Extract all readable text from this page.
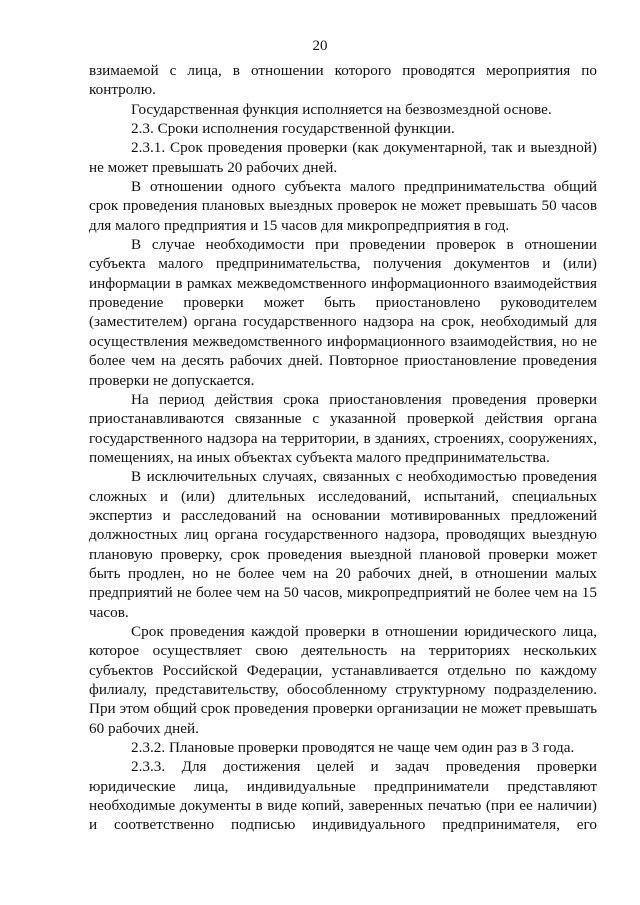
20

взимаемой с лица, в отношении которого проводятся мероприятия по контролю.

Государственная функция исполняется на безвозмездной основе.

2.3. Сроки исполнения государственной функции.

2.3.1. Срок проведения проверки (как документарной, так и выездной) не может превышать 20 рабочих дней.

В отношении одного субъекта малого предпринимательства общий срок проведения плановых выездных проверок не может превышать 50 часов для малого предприятия и 15 часов для микропредприятия в год.

В случае необходимости при проведении проверок в отношении субъекта малого предпринимательства, получения документов и (или) информации в рамках межведомственного информационного взаимодействия проведение проверки может быть приостановлено руководителем (заместителем) органа государственного надзора на срок, необходимый для осуществления межведомственного информационного взаимодействия, но не более чем на десять рабочих дней. Повторное приостановление проведения проверки не допускается.

На период действия срока приостановления проведения проверки приостанавливаются связанные с указанной проверкой действия органа государственного надзора на территории, в зданиях, строениях, сооружениях, помещениях, на иных объектах субъекта малого предпринимательства.

В исключительных случаях, связанных с необходимостью проведения сложных и (или) длительных исследований, испытаний, специальных экспертиз и расследований на основании мотивированных предложений должностных лиц органа государственного надзора, проводящих выездную плановую проверку, срок проведения выездной плановой проверки может быть продлен, но не более чем на 20 рабочих дней, в отношении малых предприятий не более чем на 50 часов, микропредприятий не более чем на 15 часов.

Срок проведения каждой проверки в отношении юридического лица, которое осуществляет свою деятельность на территориях нескольких субъектов Российской Федерации, устанавливается отдельно по каждому филиалу, представительству, обособленному структурному подразделению. При этом общий срок проведения проверки организации не может превышать 60 рабочих дней.

2.3.2. Плановые проверки проводятся не чаще чем один раз в 3 года.

2.3.3. Для достижения целей и задач проведения проверки юридические лица, индивидуальные предприниматели представляют необходимые документы в виде копий, заверенных печатью (при ее наличии) и соответственно подписью индивидуального предпринимателя, его
